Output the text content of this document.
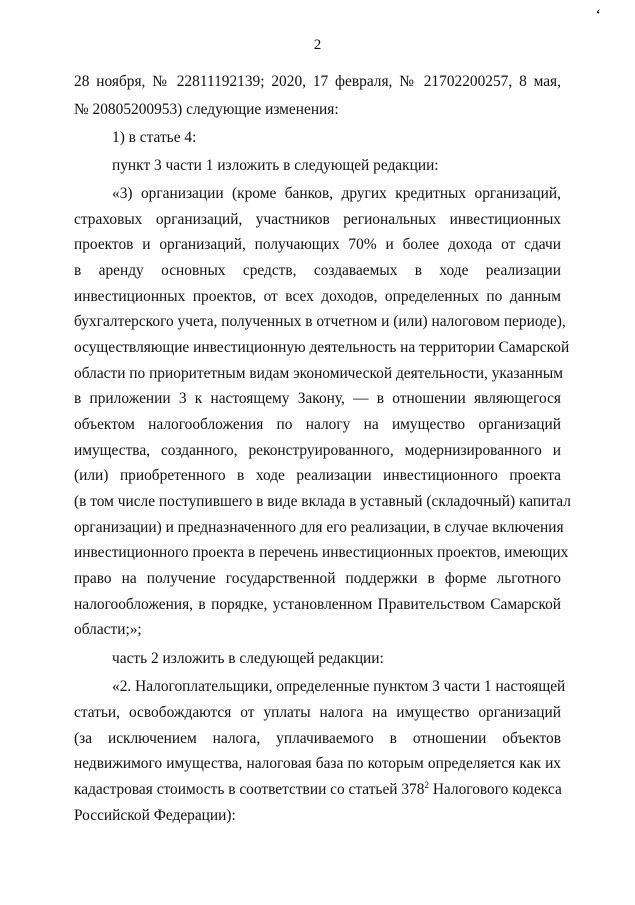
ʻ
2
28 ноября, № 22811192139; 2020, 17 февраля, № 21702200257, 8 мая,
№ 20805200953) следующие изменения:
1) в статье 4:
пункт 3 части 1 изложить в следующей редакции:
«3) организации (кроме банков, других кредитных организаций,
страховых организаций, участников региональных инвестиционных
проектов и организаций, получающих 70% и более дохода от сдачи
в аренду основных средств, создаваемых в ходе реализации
инвестиционных проектов, от всех доходов, определенных по данным
бухгалтерского учета, полученных в отчетном и (или) налоговом периоде),
осуществляющие инвестиционную деятельность на территории Самарской
области по приоритетным видам экономической деятельности, указанным
в приложении 3 к настоящему Закону, — в отношении являющегося
объектом налогообложения по налогу на имущество организаций
имущества, созданного, реконструированного, модернизированного и
(или) приобретенного в ходе реализации инвестиционного проекта
(в том числе поступившего в виде вклада в уставный (складочный) капитал
организации) и предназначенного для его реализации, в случае включения
инвестиционного проекта в перечень инвестиционных проектов, имеющих
право на получение государственной поддержки в форме льготного
налогообложения, в порядке, установленном Правительством Самарской
области;»;
часть 2 изложить в следующей редакции:
«2. Налогоплательщики, определенные пунктом 3 части 1 настоящей
статьи, освобождаются от уплаты налога на имущество организаций
(за исключением налога, уплачиваемого в отношении объектов
недвижимого имущества, налоговая база по которым определяется как их
кадастровая стоимость в соответствии со статьей $378^2$ Налогового кодекса
Российской Федерации):
